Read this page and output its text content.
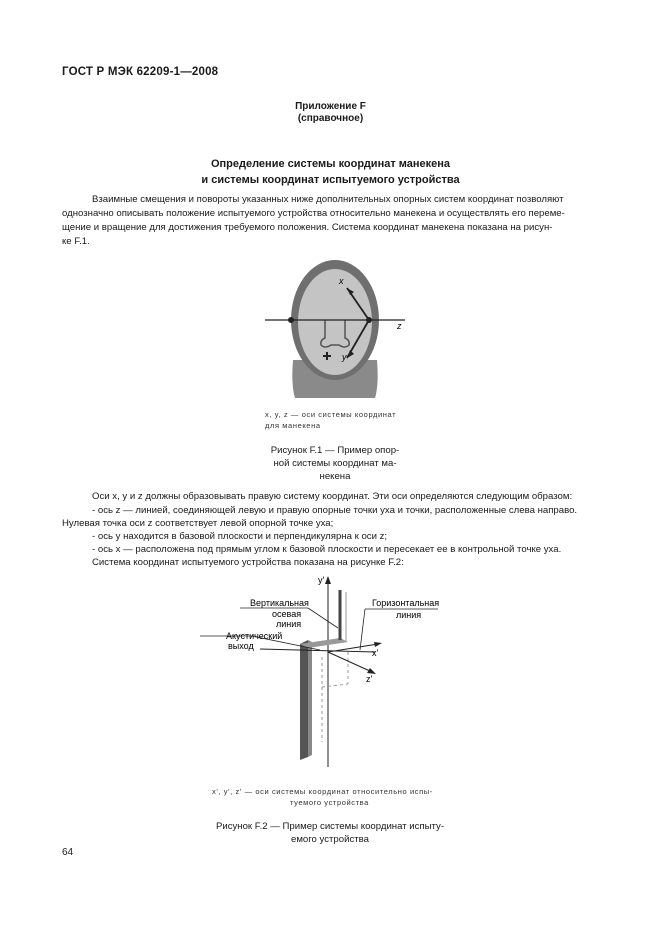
ГОСТ Р МЭК 62209-1—2008
Приложение F
(справочное)
Определение системы координат манекена
и системы координат испытуемого устройства
Взаимные смещения и повороты указанных ниже дополнительных опорных систем координат позволяют
однозначно описывать положение испытуемого устройства относительно манекена и осуществлять его переме-
щение и вращение для достижения требуемого положения. Система координат манекена показана на рисун-
ке F.1.
x
y
z
x, y, z — оси системы координат
для манекена
Рисунок F.1 — Пример опор-
ной системы координат ма-
некена
Оси x, y и z должны образовывать правую систему координат. Эти оси определяются следующим образом:
- ось z — линией, соединяющей левую и правую опорные точки уха и точки, расположенные слева направо.
Нулевая точка оси z соответствует левой опорной точке уха;
- ось y находится в базовой плоскости и перпендикулярна к оси z;
- ось x — расположена под прямым углом к базовой плоскости и пересекает ее в контрольной точке уха.
Система координат испытуемого устройства показана на рисунке F.2:
y'
x'
z'
Вертикальная
осевая
линия
Горизонтальная
линия
Акустический
выход
x', y', z' — оси системы координат относительно испы-
туемого устройства
Рисунок F.2 — Пример системы координат испыту-
емого устройства
64
